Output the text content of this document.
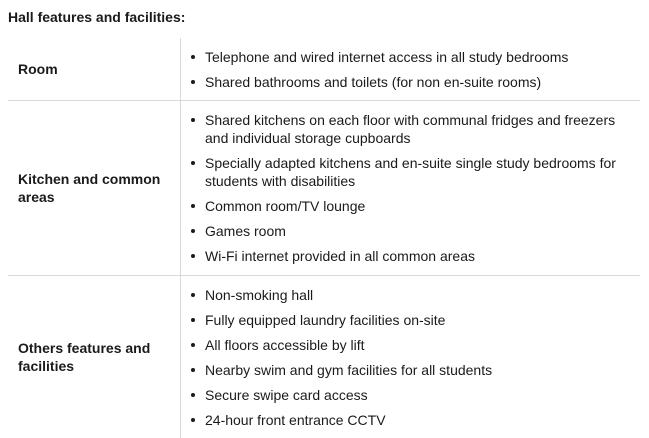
Hall features and facilities:
Room
Telephone and wired internet access in all study bedrooms
Shared bathrooms and toilets (for non en-suite rooms)
Kitchen and common areas
Shared kitchens on each floor with communal fridges and freezers and individual storage cupboards
Specially adapted kitchens and en-suite single study bedrooms for students with disabilities
Common room/TV lounge
Games room
Wi-Fi internet provided in all common areas
Others features and facilities
Non-smoking hall
Fully equipped laundry facilities on-site
All floors accessible by lift
Nearby swim and gym facilities for all students
Secure swipe card access
24-hour front entrance CCTV
